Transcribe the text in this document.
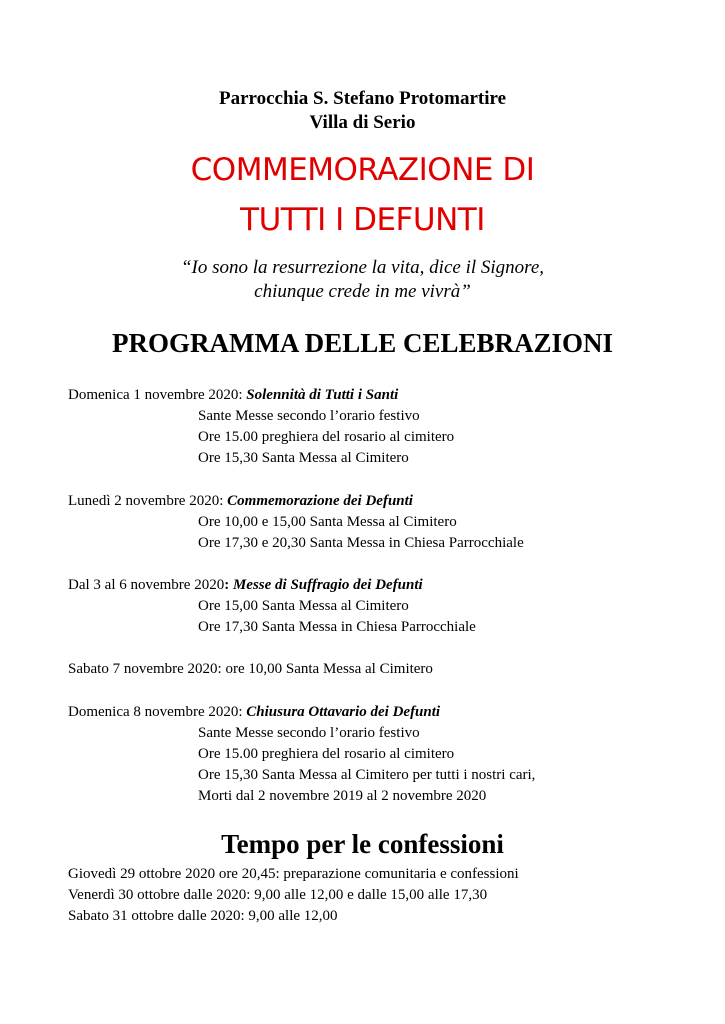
Parrocchia S. Stefano Protomartire
Villa di Serio
COMMEMORAZIONE DI
TUTTI I DEFUNTI
“Io sono la resurrezione la vita, dice il Signore,
chiunque crede in me vivrà”
PROGRAMMA DELLE CELEBRAZIONI
Domenica 1 novembre 2020: Solennità di Tutti i Santi
Sante Messe secondo l’orario festivo
Ore 15.00 preghiera del rosario al cimitero
Ore 15,30 Santa Messa al Cimitero
Lunedì 2 novembre 2020: Commemorazione dei Defunti
Ore 10,00 e 15,00 Santa Messa al Cimitero
Ore 17,30 e 20,30 Santa Messa in Chiesa Parrocchiale
Dal 3 al 6 novembre 2020: Messe di Suffragio dei Defunti
Ore 15,00 Santa Messa al Cimitero
Ore 17,30 Santa Messa in Chiesa Parrocchiale
Sabato 7 novembre 2020: ore 10,00 Santa Messa al Cimitero
Domenica 8 novembre 2020: Chiusura Ottavario dei Defunti
Sante Messe secondo l’orario festivo
Ore 15.00 preghiera del rosario al cimitero
Ore 15,30 Santa Messa al Cimitero per tutti i nostri cari,
Morti dal 2 novembre 2019 al 2 novembre 2020
Tempo per le confessioni
Giovedì 29 ottobre 2020 ore 20,45: preparazione comunitaria e confessioni
Venerdì 30 ottobre dalle 2020: 9,00 alle 12,00 e dalle 15,00 alle 17,30
Sabato 31 ottobre dalle 2020: 9,00 alle 12,00
